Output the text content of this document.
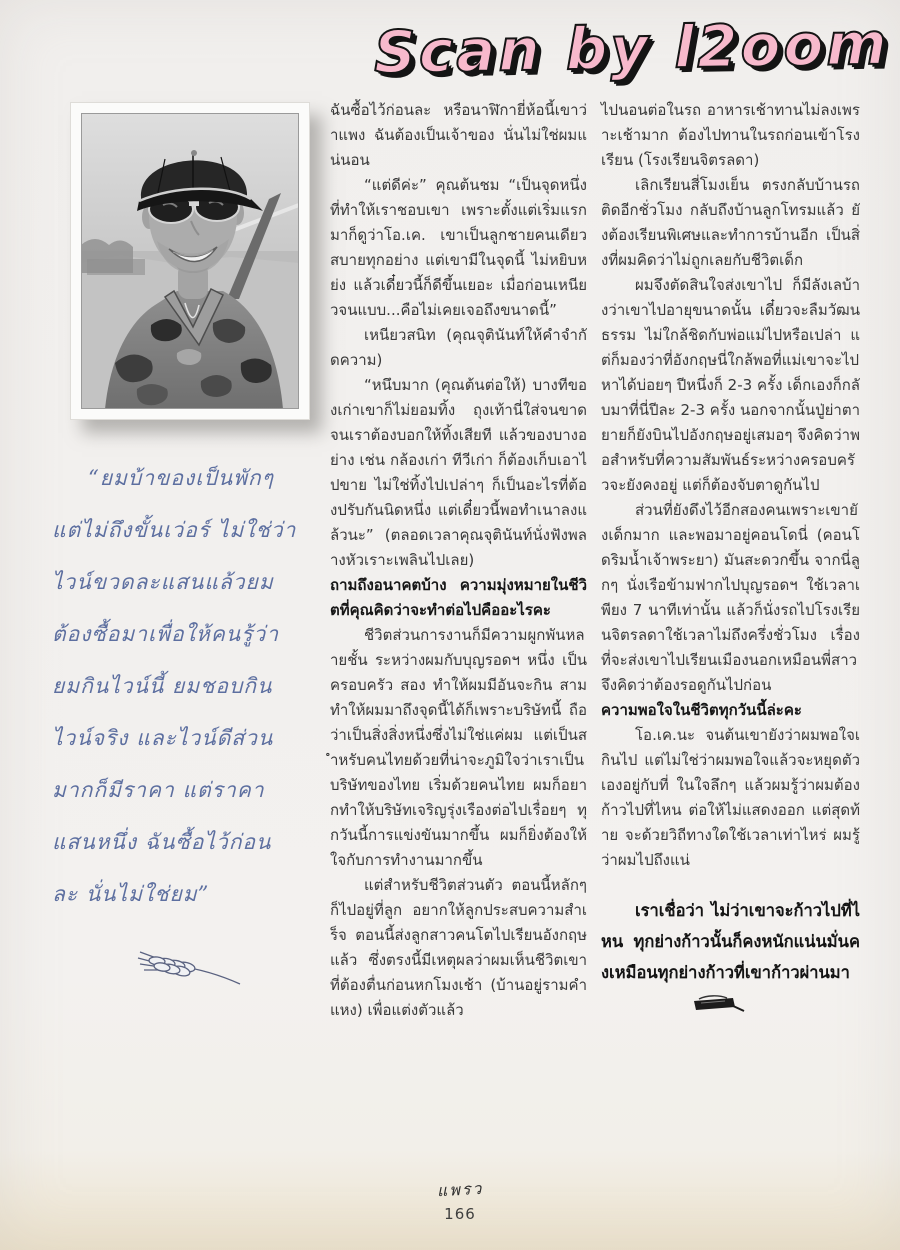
Scan by l2oom
“ยมบ้าของเป็นพักๆ
แต่ไม่ถึงขั้นเว่อร์ ไม่ใช่ว่า
ไวน์ขวดละแสนแล้วยม
ต้องซื้อมาเพื่อให้คนรู้ว่า
ยมกินไวน์นี้ ยมชอบกิน
ไวน์จริง และไวน์ดีส่วน
มากก็มีราคา แต่ราคา
แสนหนึ่ง ฉันซื้อไว้ก่อน
ละ นั่นไม่ใช่ยม”

ฉันซื้อไว้ก่อนละ หรือนาฬิกายี่ห้อนี้เขาว่าแพง ฉันต้องเป็นเจ้าของ นั่นไม่ใช่ผมแน่นอน

“แต่ดีค่ะ” คุณต้นชม “เป็นจุดหนึ่งที่ทำให้เราชอบเขา เพราะตั้งแต่เริ่มแรกมาก็ดูว่าโอ.เค. เขาเป็นลูกชายคนเดียว สบายทุกอย่าง แต่เขามีในจุดนี้ ไม่หยิบหย่ง แล้วเดี๋ยวนี้ก็ดีขึ้นเยอะ เมื่อก่อนเหนียวจนแบบ...คือไม่เคยเจอถึงขนาดนี้”

เหนียวสนิท (คุณจุตินันท์ให้คำจำกัดความ)

“หนึบมาก (คุณต้นต่อให้) บางทีของเก่าเขาก็ไม่ยอมทิ้ง ถุงเท้านี่ใส่จนขาด จนเราต้องบอกให้ทิ้งเสียที แล้วของบางอย่าง เช่น กล้องเก่า ทีวีเก่า ก็ต้องเก็บเอาไปขาย ไม่ใช่ทิ้งไปเปล่าๆ ก็เป็นอะไรที่ต้องปรับกันนิดหนึ่ง แต่เดี๋ยวนี้พอทำเนาลงแล้วนะ” (ตลอดเวลาคุณจุตินันท์นั่งฟังพลางหัวเราะเพลินไปเลย)

ถามถึงอนาคตบ้าง ความมุ่งหมายในชีวิตที่คุณคิดว่าจะทำต่อไปคืออะไรคะ

ชีวิตส่วนการงานก็มีความผูกพันหลายชั้น ระหว่างผมกับบุญรอดฯ หนึ่ง เป็นครอบครัว สอง ทำให้ผมมีอันจะกิน สาม ทำให้ผมมาถึงจุดนี้ได้ก็เพราะบริษัทนี้ ถือว่าเป็นสิ่งสิ่งหนึ่งซึ่งไม่ใช่แค่ผม แต่เป็นสำหรับคนไทยด้วยที่น่าจะภูมิใจว่าเราเป็นบริษัทของไทย เริ่มด้วยคนไทย ผมก็อยากทำให้บริษัทเจริญรุ่งเรืองต่อไปเรื่อยๆ ทุกวันนี้การแข่งขันมากขึ้น ผมก็ยิ่งต้องให้ใจกับการทำงานมากขึ้น

แต่สำหรับชีวิตส่วนตัว ตอนนี้หลักๆ ก็ไปอยู่ที่ลูก อยากให้ลูกประสบความสำเร็จ ตอนนี้ส่งลูกสาวคนโตไปเรียนอังกฤษแล้ว ซึ่งตรงนี้มีเหตุผลว่าผมเห็นชีวิตเขาที่ต้องตื่นก่อนหกโมงเช้า (บ้านอยู่รามคำแหง) เพื่อแต่งตัวแล้ว

ไปนอนต่อในรถ อาหารเช้าทานไม่ลงเพราะเช้ามาก ต้องไปทานในรถก่อนเข้าโรงเรียน (โรงเรียนจิตรลดา)

เลิกเรียนสี่โมงเย็น ตรงกลับบ้านรถติดอีกชั่วโมง กลับถึงบ้านลูกโทรมแล้ว ยังต้องเรียนพิเศษและทำการบ้านอีก เป็นสิ่งที่ผมคิดว่าไม่ถูกเลยกับชีวิตเด็ก

ผมจึงตัดสินใจส่งเขาไป ก็มีลังเลบ้างว่าเขาไปอายุขนาดนั้น เดี๋ยวจะลืมวัฒนธรรม ไม่ใกล้ชิดกับพ่อแม่ไปหรือเปล่า แต่ก็มองว่าที่อังกฤษนี่ใกล้พอที่แม่เขาจะไปหาได้บ่อยๆ ปีหนึ่งก็ 2-3 ครั้ง เด็กเองก็กลับมาที่นี่ปีละ 2-3 ครั้ง นอกจากนั้นปู่ย่าตายายก็ยังบินไปอังกฤษอยู่เสมอๆ จึงคิดว่าพอสำหรับที่ความสัมพันธ์ระหว่างครอบครัวจะยังคงอยู่ แต่ก็ต้องจับตาดูกันไป

ส่วนที่ยังดึงไว้อีกสองคนเพราะเขายังเด็กมาก และพอมาอยู่คอนโดนี่ (คอนโดริมน้ำเจ้าพระยา) มันสะดวกขึ้น จากนี่ลูกๆ นั่งเรือข้ามฟากไปบุญรอดฯ ใช้เวลาเพียง 7 นาทีเท่านั้น แล้วก็นั่งรถไปโรงเรียนจิตรลดาใช้เวลาไม่ถึงครึ่งชั่วโมง เรื่องที่จะส่งเขาไปเรียนเมืองนอกเหมือนพี่สาวจึงคิดว่าต้องรอดูกันไปก่อน

ความพอใจในชีวิตทุกวันนี้ล่ะคะ

โอ.เค.นะ จนต้นเขายังว่าผมพอใจเกินไป แต่ไม่ใช่ว่าผมพอใจแล้วจะหยุดตัวเองอยู่กับที่ ในใจลึกๆ แล้วผมรู้ว่าผมต้องก้าวไปที่ไหน ต่อให้ไม่แสดงออก แต่สุดท้าย จะด้วยวิถีทางใดใช้เวลาเท่าไหร่ ผมรู้ว่าผมไปถึงแน่

เราเชื่อว่า ไม่ว่าเขาจะก้าวไปที่ไหน ทุกย่างก้าวนั้นก็คงหนักแน่นมั่นคงเหมือนทุกย่างก้าวที่เขาก้าวผ่านมา

แพรว
166
